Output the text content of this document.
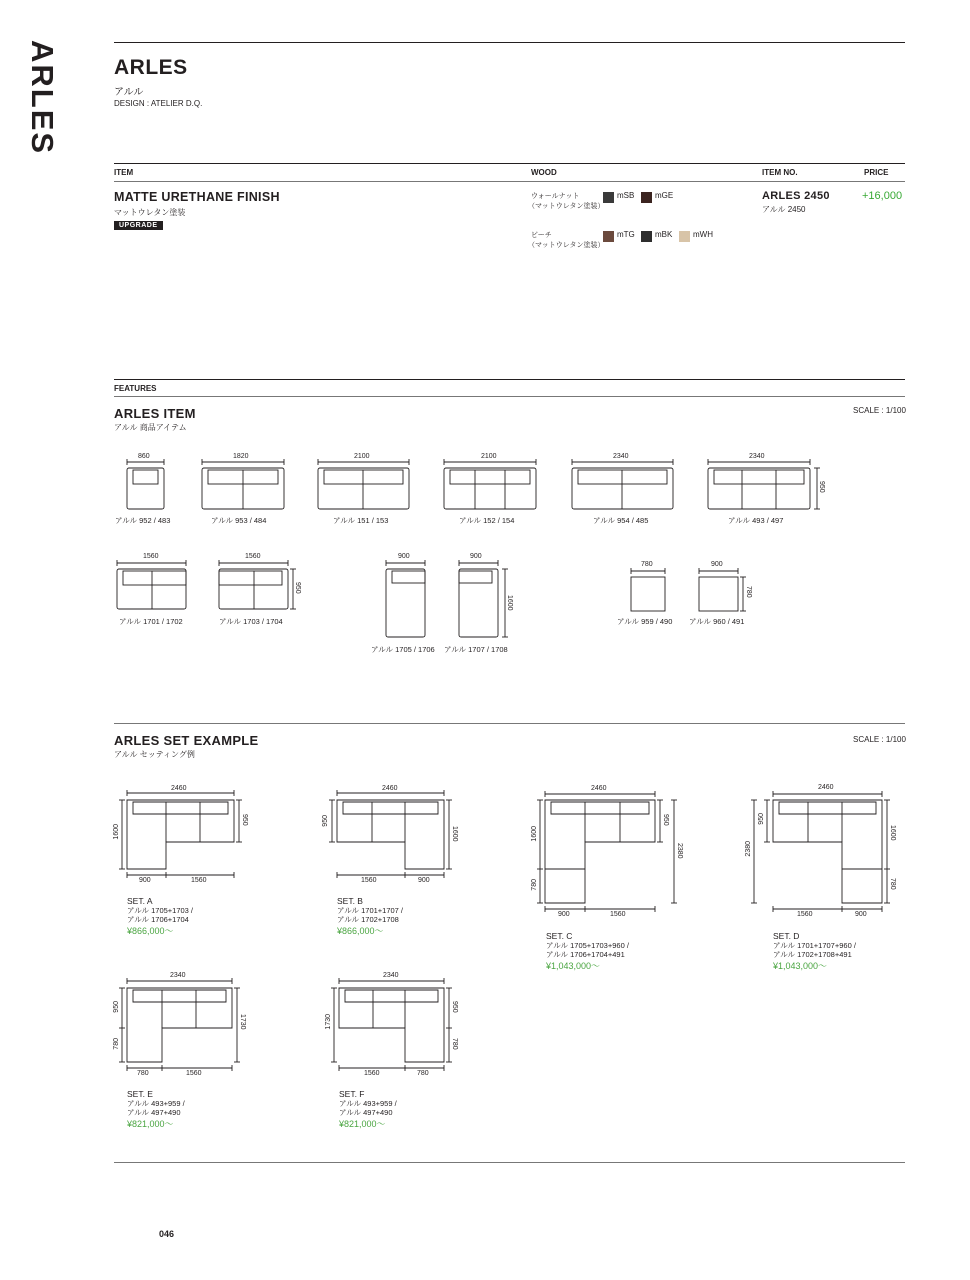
ARLES	ARLES
アルル
DESIGN : ATELIER D.Q.
ITEM	WOOD	ITEM NO.	PRICE
MATTE URETHANE FINISH
マットウレタン塗装
UPGRADE
ウォールナット
（マットウレタン塗装）
mSB	mGE
ビーチ
（マットウレタン塗装）
mTG	mBK	mWH
ARLES 2450
アルル 2450
+16,000
FEATURES
ARLES ITEM
アルル 商品アイテム
SCALE : 1/100
860	1820	2100	2100	2340	2340
950
アルル 952 / 483	アルル 953 / 484	アルル 151 / 153	アルル 152 / 154	アルル 954 / 485	アルル 493 / 497
1560	1560
950
900	900
1600
780	900
780
アルル 1701 / 1702	アルル 1703 / 1704
アルル 1705 / 1706 アルル 1707 / 1708
アルル 959 / 490 アルル 960 / 491
ARLES SET EXAMPLE
アルル セッティング例
SCALE : 1/100
2460
1600
950
900	1560
SET. A
アルル 1705+1703 /
アルル 1706+1704
¥866,000〜
2460
950
1600
1560	900
SET. B
アルル 1701+1707 /
アルル 1702+1708
¥866,000〜
2460
1600
780
950
2380
900	1560
SET. C
アルル 1705+1703+960 /
アルル 1706+1704+491
¥1,043,000〜
2460
950
2380
1600
780
1560	900
SET. D
アルル 1701+1707+960 /
アルル 1702+1708+491
¥1,043,000〜
2340
950
780
1730
780	1560
SET. E
アルル 493+959 /
アルル 497+490
¥821,000〜
2340
1730
950
780
1560	780
SET. F
アルル 493+959 /
アルル 497+490
¥821,000〜
046
